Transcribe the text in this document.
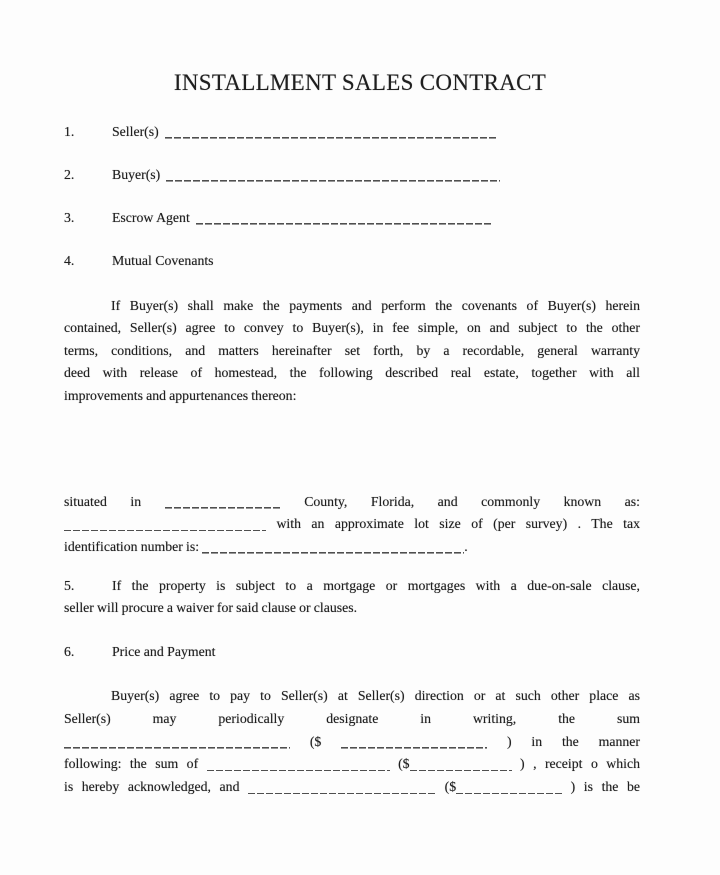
INSTALLMENT SALES CONTRACT
1.	Seller(s)
2.	Buyer(s)
3.	Escrow Agent
4.	Mutual Covenants
If Buyer(s) shall make the payments and perform the covenants of Buyer(s) herein
contained, Seller(s) agree to convey to Buyer(s), in fee simple, on and subject to the other
terms, conditions, and matters hereinafter set forth, by a recordable, general warranty
deed with release of homestead, the following described real estate, together with all
improvements and appurtenances thereon:
situated in	County, Florida, and commonly known as:
with an approximate lot size of (per survey) . The tax
identification number is:	.
5.	If the property is subject to a mortgage or mortgages with a due-on-sale clause,
seller will procure a waiver for said clause or clauses.
6.	Price and Payment
Buyer(s) agree to pay to Seller(s) at Seller(s) direction or at such other place as
Seller(s) may periodically designate in writing, the sum
($	) in the manner
following: the sum of	($	) , receipt o which
is hereby acknowledged, and	($	) is the be
